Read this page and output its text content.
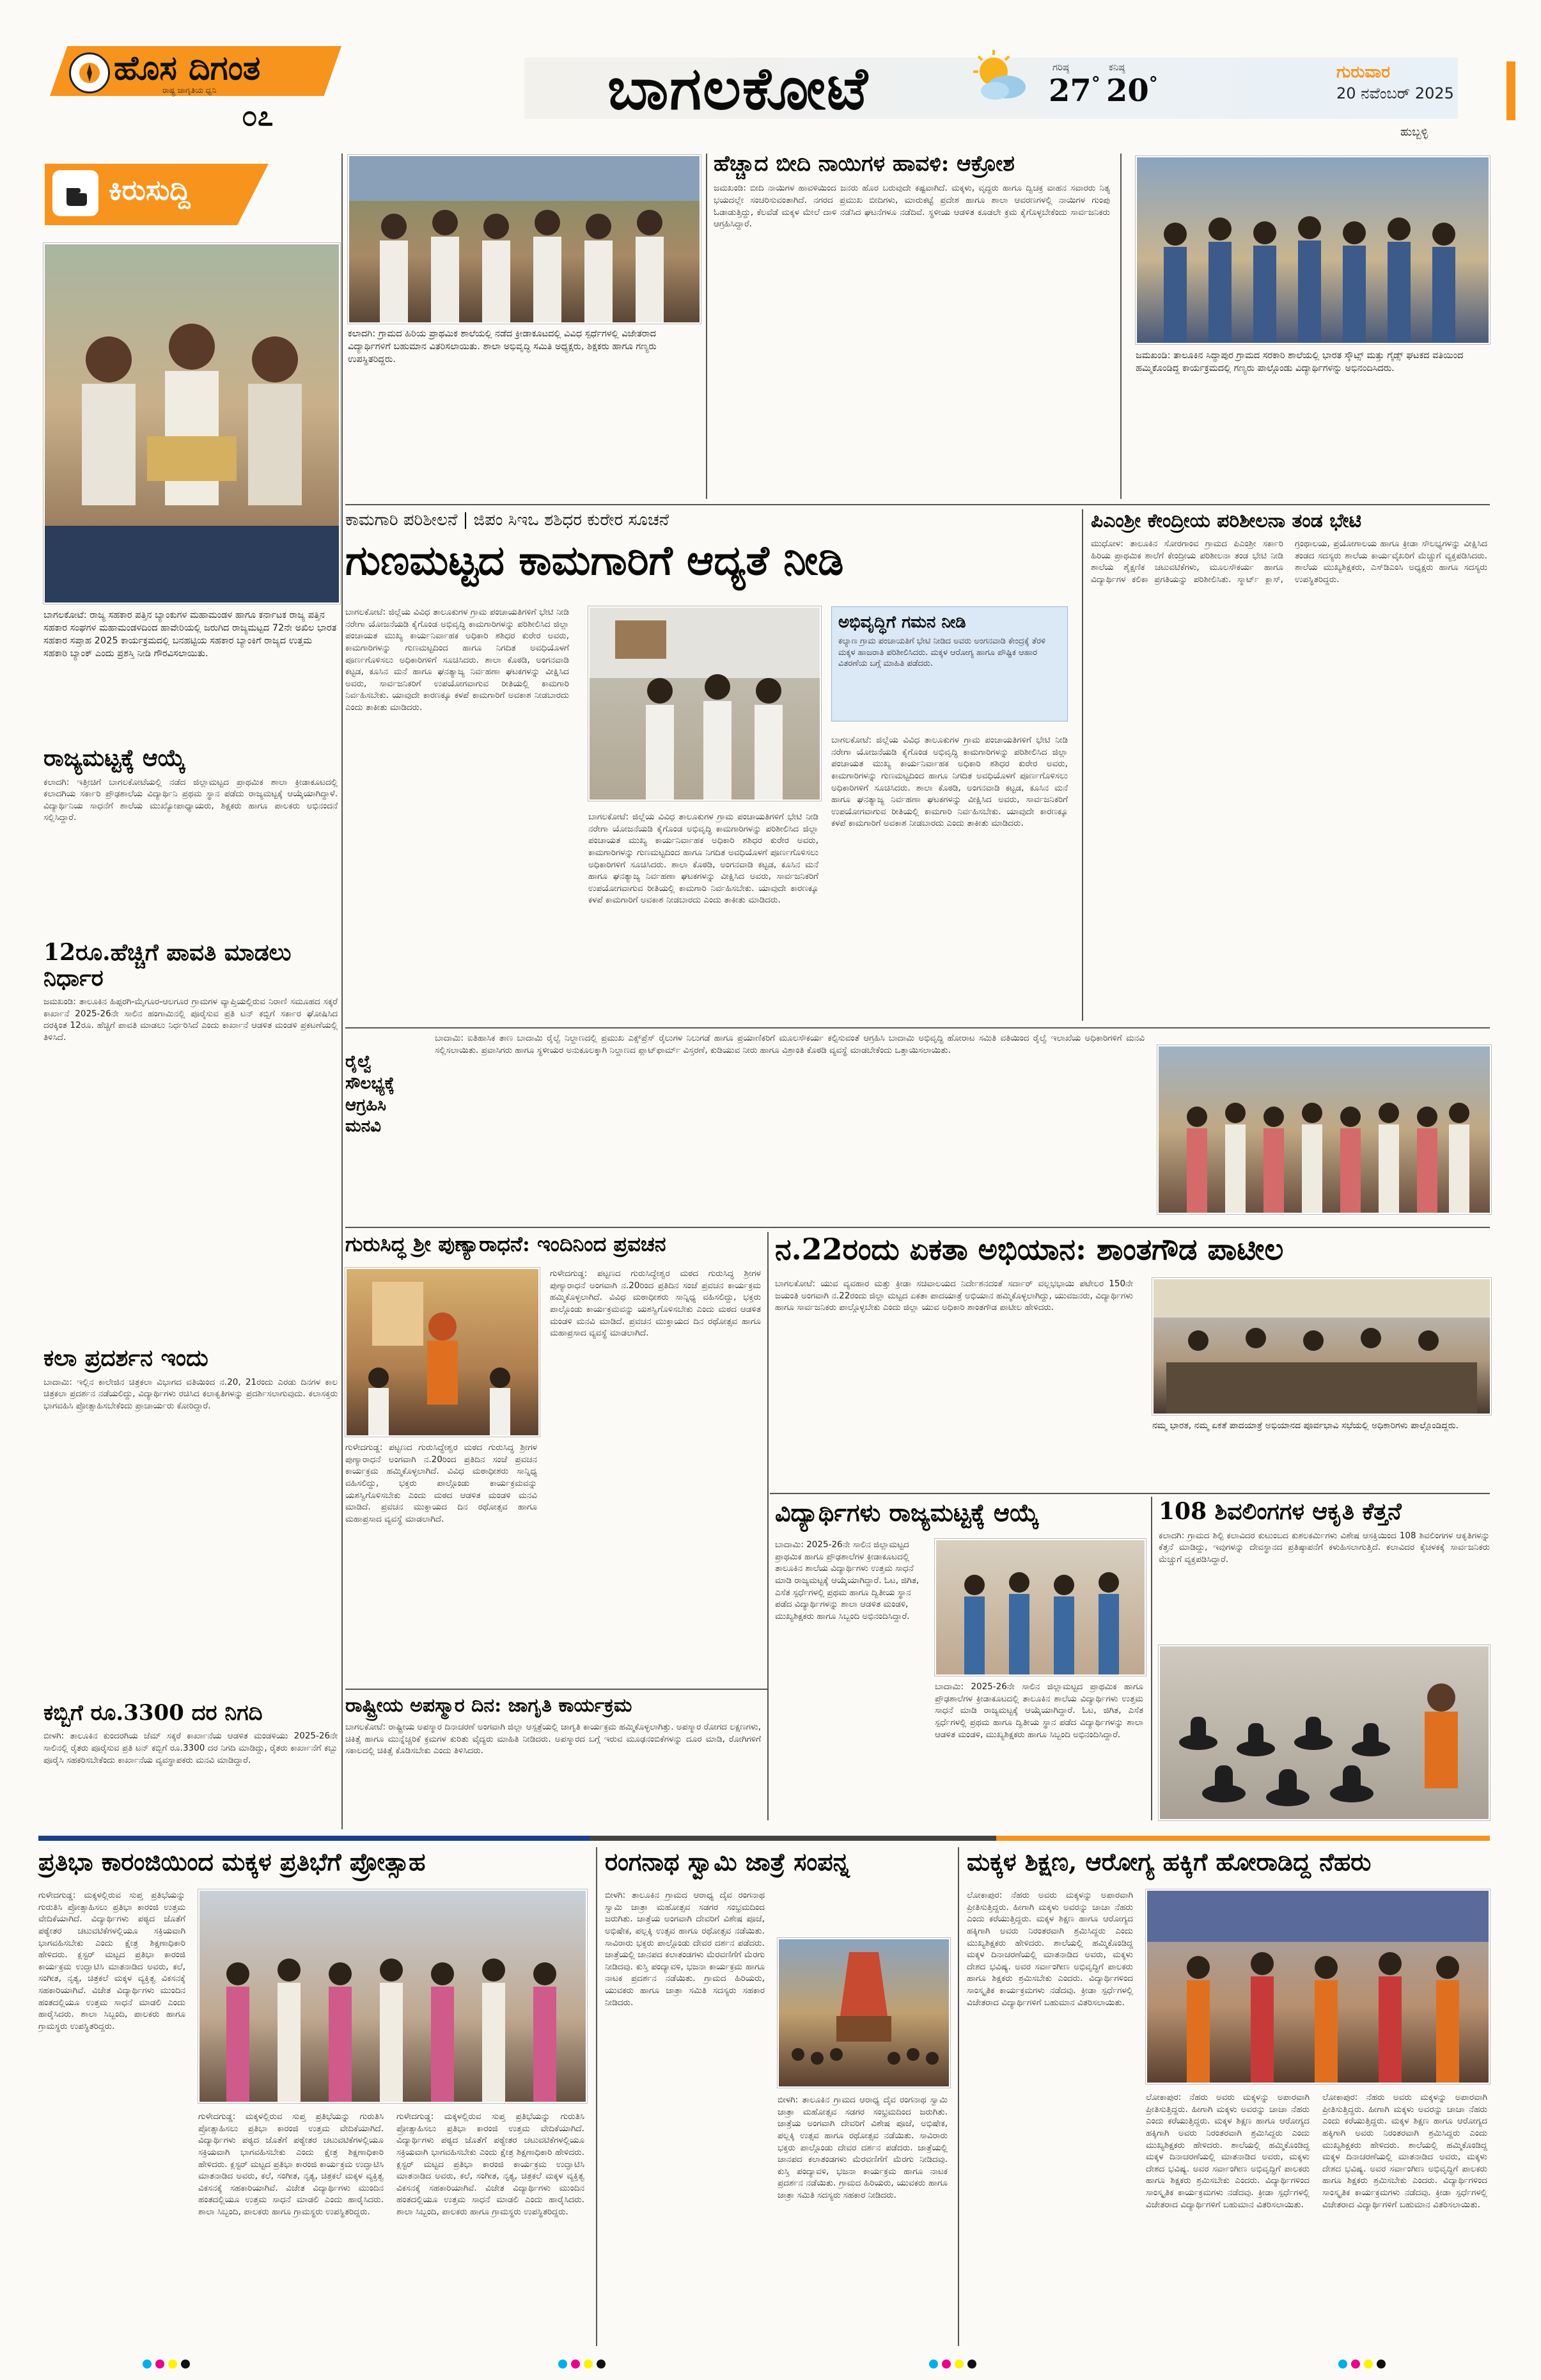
ಹೊಸ ದಿಗಂತ
ರಾಷ್ಟ್ರ ಜಾಗೃತಿಯ ಧ್ವನಿ
೦೭	ಬಾಗಲಕೋಟೆ	ಗರಿಷ್ಠ
27°
ಕನಿಷ್ಠ
20°
ಗುರುವಾರ
20 ನವೆಂಬರ್ 2025
ಹುಬ್ಬಳ್ಳಿ
ಕಿರುಸುದ್ದಿ
ಬಾಗಲಕೋಟೆ: ರಾಜ್ಯ ಸಹಕಾರ ಪತ್ತಿನ ಬ್ಯಾಂಕುಗಳ ಮಹಾಮಂಡಳ ಹಾಗೂ ಕರ್ನಾಟಕ ರಾಜ್ಯ ಪತ್ತಿನ ಸಹಕಾರ ಸಂಘಗಳ ಮಹಾಮಂಡಳದಿಂದ ಹಾವೇರಿಯಲ್ಲಿ ಜರುಗಿದ ರಾಜ್ಯಮಟ್ಟದ 72ನೇ ಅಖಿಲ ಭಾರತ ಸಹಕಾರ ಸಪ್ತಾಹ 2025 ಕಾರ್ಯಕ್ರಮದಲ್ಲಿ ಬನಹಟ್ಟಿಯ ಸಹಕಾರ ಬ್ಯಾಂಕಿಗೆ ರಾಜ್ಯದ ಉತ್ತಮ ಸಹಕಾರಿ ಬ್ಯಾಂಕ್ ಎಂದು ಪ್ರಶಸ್ತಿ ನೀಡಿ ಗೌರವಿಸಲಾಯಿತು.
ರಾಜ್ಯಮಟ್ಟಕ್ಕೆ ಆಯ್ಕೆ
ಕಲಾದಗಿ: ಇತ್ತೀಚಿಗೆ ಬಾಗಲಕೋಟೆಯಲ್ಲಿ ನಡೆದ ಜಿಲ್ಲಾಮಟ್ಟದ ಪ್ರಾಥಮಿಕ ಶಾಲಾ ಕ್ರೀಡಾಕೂಟದಲ್ಲಿ ಕಲಾದಗಿಯ ಸರ್ಕಾರಿ ಪ್ರೌಢಶಾಲೆಯ ವಿದ್ಯಾರ್ಥಿನಿ ಪ್ರಥಮ ಸ್ಥಾನ ಪಡೆದು ರಾಜ್ಯಮಟ್ಟಕ್ಕೆ ಆಯ್ಕೆಯಾಗಿದ್ದಾಳೆ. ವಿದ್ಯಾರ್ಥಿನಿಯ ಸಾಧನೆಗೆ ಶಾಲೆಯ ಮುಖ್ಯೋಪಾಧ್ಯಾಯರು, ಶಿಕ್ಷಕರು ಹಾಗೂ ಪಾಲಕರು ಅಭಿನಂದನೆ ಸಲ್ಲಿಸಿದ್ದಾರೆ.
12ರೂ.ಹೆಚ್ಚಿಗೆ ಪಾವತಿ ಮಾಡಲು ನಿರ್ಧಾರ
ಜಮಖಂಡಿ: ತಾಲೂಕಿನ ಹಿಪ್ಪರಗಿ-ಮೈಗೂರ-ಆಲಗೂರ ಗ್ರಾಮಗಳ ವ್ಯಾಪ್ತಿಯಲ್ಲಿರುವ ನಿರಾಣಿ ಸಮೂಹದ ಸಕ್ಕರೆ ಕಾರ್ಖಾನೆ 2025-26ನೇ ಸಾಲಿನ ಹಂಗಾಮಿನಲ್ಲಿ ಪೂರೈಸುವ ಪ್ರತಿ ಟನ್ ಕಬ್ಬಿಗೆ ಸರ್ಕಾರ ಘೋಷಿಸಿದ ದರಕ್ಕಿಂತ 12ರೂ. ಹೆಚ್ಚಿಗೆ ಪಾವತಿ ಮಾಡಲು ನಿರ್ಧರಿಸಿದೆ ಎಂದು ಕಾರ್ಖಾನೆ ಆಡಳಿತ ಮಂಡಳಿ ಪ್ರಕಟಣೆಯಲ್ಲಿ ತಿಳಿಸಿದೆ.
ಕಲಾ ಪ್ರದರ್ಶನ ಇಂದು
ಬಾದಾಮಿ: ಇಲ್ಲಿನ ಕಾಲೇಜಿನ ಚಿತ್ರಕಲಾ ವಿಭಾಗದ ವತಿಯಿಂದ ನ.20, 21ರಂದು ಎರಡು ದಿನಗಳ ಕಾಲ ಚಿತ್ರಕಲಾ ಪ್ರದರ್ಶನ ನಡೆಯಲಿದ್ದು, ವಿದ್ಯಾರ್ಥಿಗಳು ರಚಿಸಿದ ಕಲಾಕೃತಿಗಳನ್ನು ಪ್ರದರ್ಶಿಸಲಾಗುವುದು. ಕಲಾಸಕ್ತರು ಭಾಗವಹಿಸಿ ಪ್ರೋತ್ಸಾಹಿಸಬೇಕೆಂದು ಪ್ರಾಚಾರ್ಯರು ಕೋರಿದ್ದಾರೆ.
ಕಬ್ಬಿಗೆ ರೂ.3300 ದರ ನಿಗದಿ
ಬೀಳಗಿ: ತಾಲೂಕಿನ ಕುಂದರಗಿಯ ಜೆಮ್ ಸಕ್ಕರೆ ಕಾರ್ಖಾನೆಯ ಆಡಳಿತ ಮಂಡಳಿಯು 2025-26ನೇ ಸಾಲಿನಲ್ಲಿ ರೈತರು ಪೂರೈಸುವ ಪ್ರತಿ ಟನ್ ಕಬ್ಬಿಗೆ ರೂ.3300 ದರ ನಿಗದಿ ಮಾಡಿದ್ದು, ರೈತರು ಕಾರ್ಖಾನೆಗೆ ಕಬ್ಬು ಪೂರೈಸಿ ಸಹಕರಿಸಬೇಕೆಂದು ಕಾರ್ಖಾನೆಯ ವ್ಯವಸ್ಥಾಪಕರು ಮನವಿ ಮಾಡಿದ್ದಾರೆ.
ಕಲಾದಗಿ: ಗ್ರಾಮದ ಹಿರಿಯ ಪ್ರಾಥಮಿಕ ಶಾಲೆಯಲ್ಲಿ ನಡೆದ ಕ್ರೀಡಾಕೂಟದಲ್ಲಿ ವಿವಿಧ ಸ್ಪರ್ಧೆಗಳಲ್ಲಿ ವಿಜೇತರಾದ ವಿದ್ಯಾರ್ಥಿಗಳಿಗೆ ಬಹುಮಾನ ವಿತರಿಸಲಾಯಿತು. ಶಾಲಾ ಅಭಿವೃದ್ಧಿ ಸಮಿತಿ ಅಧ್ಯಕ್ಷರು, ಶಿಕ್ಷಕರು ಹಾಗೂ ಗಣ್ಯರು ಉಪಸ್ಥಿತರಿದ್ದರು.
ಹೆಚ್ಚಾದ ಬೀದಿ ನಾಯಿಗಳ ಹಾವಳಿ: ಆಕ್ರೋಶ
ಜಮಖಂಡಿ: ಬೀದಿ ನಾಯಿಗಳ ಹಾವಳಿಯಿಂದ ಜನರು ಹೊರ ಬರುವುದೇ ಕಷ್ಟವಾಗಿದೆ. ಮಕ್ಕಳು, ವೃದ್ಧರು ಹಾಗೂ ದ್ವಿಚಕ್ರ ವಾಹನ ಸವಾರರು ನಿತ್ಯ ಭಯದಲ್ಲೇ ಸಂಚರಿಸುವಂತಾಗಿದೆ. ನಗರದ ಪ್ರಮುಖ ಬೀದಿಗಳು, ಮಾರುಕಟ್ಟೆ ಪ್ರದೇಶ ಹಾಗೂ ಶಾಲಾ ಆವರಣಗಳಲ್ಲಿ ನಾಯಿಗಳ ಗುಂಪು ಓಡಾಡುತ್ತಿದ್ದು, ಕೆಲವೆಡೆ ಮಕ್ಕಳ ಮೇಲೆ ದಾಳಿ ನಡೆಸಿದ ಘಟನೆಗಳೂ ನಡೆದಿವೆ. ಸ್ಥಳೀಯ ಆಡಳಿತ ಕೂಡಲೇ ಕ್ರಮ ಕೈಗೊಳ್ಳಬೇಕೆಂದು ಸಾರ್ವಜನಿಕರು ಆಗ್ರಹಿಸಿದ್ದಾರೆ.
ಜಮಖಂಡಿ: ತಾಲೂಕಿನ ಸಿದ್ಧಾಪುರ ಗ್ರಾಮದ ಸರಕಾರಿ ಶಾಲೆಯಲ್ಲಿ ಭಾರತ ಸ್ಕೌಟ್ಸ್ ಮತ್ತು ಗೈಡ್ಸ್ ಘಟಕದ ವತಿಯಿಂದ ಹಮ್ಮಿಕೊಂಡಿದ್ದ ಕಾರ್ಯಕ್ರಮದಲ್ಲಿ ಗಣ್ಯರು ಪಾಲ್ಗೊಂಡು ವಿದ್ಯಾರ್ಥಿಗಳನ್ನು ಅಭಿನಂದಿಸಿದರು.
ಕಾಮಗಾರಿ ಪರಿಶೀಲನೆ | ಜಿಪಂ ಸಿಇಒ ಶಶಿಧರ ಕುರೇರ ಸೂಚನೆ
ಗುಣಮಟ್ಟದ ಕಾಮಗಾರಿಗೆ ಆದ್ಯತೆ ನೀಡಿ
ಬಾಗಲಕೋಟೆ: ಜಿಲ್ಲೆಯ ವಿವಿಧ ತಾಲೂಕುಗಳ ಗ್ರಾಮ ಪಂಚಾಯತಿಗಳಿಗೆ ಭೇಟಿ ನೀಡಿ ನರೇಗಾ ಯೋಜನೆಯಡಿ ಕೈಗೊಂಡ ಅಭಿವೃದ್ಧಿ ಕಾಮಗಾರಿಗಳನ್ನು ಪರಿಶೀಲಿಸಿದ ಜಿಲ್ಲಾ ಪಂಚಾಯತ ಮುಖ್ಯ ಕಾರ್ಯನಿರ್ವಾಹಕ ಅಧಿಕಾರಿ ಶಶಿಧರ ಕುರೇರ ಅವರು, ಕಾಮಗಾರಿಗಳನ್ನು ಗುಣಮಟ್ಟದಿಂದ ಹಾಗೂ ನಿಗದಿತ ಅವಧಿಯೊಳಗೆ ಪೂರ್ಣಗೊಳಿಸಲು ಅಧಿಕಾರಿಗಳಿಗೆ ಸೂಚಿಸಿದರು. ಶಾಲಾ ಕೊಠಡಿ, ಅಂಗನವಾಡಿ ಕಟ್ಟಡ, ಕೂಸಿನ ಮನೆ ಹಾಗೂ ಘನತ್ಯಾಜ್ಯ ನಿರ್ವಹಣಾ ಘಟಕಗಳನ್ನು ವೀಕ್ಷಿಸಿದ ಅವರು, ಸಾರ್ವಜನಿಕರಿಗೆ ಉಪಯೋಗವಾಗುವ ರೀತಿಯಲ್ಲಿ ಕಾಮಗಾರಿ ನಿರ್ವಹಿಸಬೇಕು. ಯಾವುದೇ ಕಾರಣಕ್ಕೂ ಕಳಪೆ ಕಾಮಗಾರಿಗೆ ಅವಕಾಶ ನೀಡಬಾರದು ಎಂದು ತಾಕೀತು ಮಾಡಿದರು.
ಅಭಿವೃದ್ಧಿಗೆ ಗಮನ ನೀಡಿ
ಕಲ್ಯಾಣ ಗ್ರಾಮ ಪಂಚಾಯತಿಗೆ ಭೇಟಿ ನೀಡಿದ ಅವರು ಅಂಗನವಾಡಿ ಕೇಂದ್ರಕ್ಕೆ ತೆರಳಿ ಮಕ್ಕಳ ಹಾಜರಾತಿ ಪರಿಶೀಲಿಸಿದರು. ಮಕ್ಕಳ ಆರೋಗ್ಯ ಹಾಗೂ ಪೌಷ್ಟಿಕ ಆಹಾರ ವಿತರಣೆಯ ಬಗ್ಗೆ ಮಾಹಿತಿ ಪಡೆದರು.
ಬಾಗಲಕೋಟೆ: ಜಿಲ್ಲೆಯ ವಿವಿಧ ತಾಲೂಕುಗಳ ಗ್ರಾಮ ಪಂಚಾಯತಿಗಳಿಗೆ ಭೇಟಿ ನೀಡಿ ನರೇಗಾ ಯೋಜನೆಯಡಿ ಕೈಗೊಂಡ ಅಭಿವೃದ್ಧಿ ಕಾಮಗಾರಿಗಳನ್ನು ಪರಿಶೀಲಿಸಿದ ಜಿಲ್ಲಾ ಪಂಚಾಯತ ಮುಖ್ಯ ಕಾರ್ಯನಿರ್ವಾಹಕ ಅಧಿಕಾರಿ ಶಶಿಧರ ಕುರೇರ ಅವರು, ಕಾಮಗಾರಿಗಳನ್ನು ಗುಣಮಟ್ಟದಿಂದ ಹಾಗೂ ನಿಗದಿತ ಅವಧಿಯೊಳಗೆ ಪೂರ್ಣಗೊಳಿಸಲು ಅಧಿಕಾರಿಗಳಿಗೆ ಸೂಚಿಸಿದರು. ಶಾಲಾ ಕೊಠಡಿ, ಅಂಗನವಾಡಿ ಕಟ್ಟಡ, ಕೂಸಿನ ಮನೆ ಹಾಗೂ ಘನತ್ಯಾಜ್ಯ ನಿರ್ವಹಣಾ ಘಟಕಗಳನ್ನು ವೀಕ್ಷಿಸಿದ ಅವರು, ಸಾರ್ವಜನಿಕರಿಗೆ ಉಪಯೋಗವಾಗುವ ರೀತಿಯಲ್ಲಿ ಕಾಮಗಾರಿ ನಿರ್ವಹಿಸಬೇಕು. ಯಾವುದೇ ಕಾರಣಕ್ಕೂ ಕಳಪೆ ಕಾಮಗಾರಿಗೆ ಅವಕಾಶ ನೀಡಬಾರದು ಎಂದು ತಾಕೀತು ಮಾಡಿದರು.
ಬಾಗಲಕೋಟೆ: ಜಿಲ್ಲೆಯ ವಿವಿಧ ತಾಲೂಕುಗಳ ಗ್ರಾಮ ಪಂಚಾಯತಿಗಳಿಗೆ ಭೇಟಿ ನೀಡಿ ನರೇಗಾ ಯೋಜನೆಯಡಿ ಕೈಗೊಂಡ ಅಭಿವೃದ್ಧಿ ಕಾಮಗಾರಿಗಳನ್ನು ಪರಿಶೀಲಿಸಿದ ಜಿಲ್ಲಾ ಪಂಚಾಯತ ಮುಖ್ಯ ಕಾರ್ಯನಿರ್ವಾಹಕ ಅಧಿಕಾರಿ ಶಶಿಧರ ಕುರೇರ ಅವರು, ಕಾಮಗಾರಿಗಳನ್ನು ಗುಣಮಟ್ಟದಿಂದ ಹಾಗೂ ನಿಗದಿತ ಅವಧಿಯೊಳಗೆ ಪೂರ್ಣಗೊಳಿಸಲು ಅಧಿಕಾರಿಗಳಿಗೆ ಸೂಚಿಸಿದರು. ಶಾಲಾ ಕೊಠಡಿ, ಅಂಗನವಾಡಿ ಕಟ್ಟಡ, ಕೂಸಿನ ಮನೆ ಹಾಗೂ ಘನತ್ಯಾಜ್ಯ ನಿರ್ವಹಣಾ ಘಟಕಗಳನ್ನು ವೀಕ್ಷಿಸಿದ ಅವರು, ಸಾರ್ವಜನಿಕರಿಗೆ ಉಪಯೋಗವಾಗುವ ರೀತಿಯಲ್ಲಿ ಕಾಮಗಾರಿ ನಿರ್ವಹಿಸಬೇಕು. ಯಾವುದೇ ಕಾರಣಕ್ಕೂ ಕಳಪೆ ಕಾಮಗಾರಿಗೆ ಅವಕಾಶ ನೀಡಬಾರದು ಎಂದು ತಾಕೀತು ಮಾಡಿದರು.
ಪಿಎಂಶ್ರೀ ಕೇಂದ್ರೀಯ ಪರಿಶೀಲನಾ ತಂಡ ಭೇಟಿ
ಮುಧೋಳ: ತಾಲೂಕಿನ ಸೋರಗಾಂವ ಗ್ರಾಮದ ಪಿಎಂಶ್ರೀ ಸರ್ಕಾರಿ ಹಿರಿಯ ಪ್ರಾಥಮಿಕ ಶಾಲೆಗೆ ಕೇಂದ್ರೀಯ ಪರಿಶೀಲನಾ ತಂಡ ಭೇಟಿ ನೀಡಿ ಶಾಲೆಯ ಶೈಕ್ಷಣಿಕ ಚಟುವಟಿಕೆಗಳು, ಮೂಲಸೌಕರ್ಯ ಹಾಗೂ ವಿದ್ಯಾರ್ಥಿಗಳ ಕಲಿಕಾ ಪ್ರಗತಿಯನ್ನು ಪರಿಶೀಲಿಸಿತು. ಸ್ಮಾರ್ಟ್ ಕ್ಲಾಸ್, ಗ್ರಂಥಾಲಯ, ಪ್ರಯೋಗಾಲಯ ಹಾಗೂ ಕ್ರೀಡಾ ಸೌಲಭ್ಯಗಳನ್ನು ವೀಕ್ಷಿಸಿದ ತಂಡದ ಸದಸ್ಯರು ಶಾಲೆಯ ಕಾರ್ಯವೈಖರಿಗೆ ಮೆಚ್ಚುಗೆ ವ್ಯಕ್ತಪಡಿಸಿದರು. ಶಾಲೆಯ ಮುಖ್ಯಶಿಕ್ಷಕರು, ಎಸ್‌ಡಿಎಂಸಿ ಅಧ್ಯಕ್ಷರು ಹಾಗೂ ಸದಸ್ಯರು ಉಪಸ್ಥಿತರಿದ್ದರು.
ರೈಲ್ವೆ ಸೌಲಭ್ಯಕ್ಕೆ ಆಗ್ರಹಿಸಿ ಮನವಿ
ಬಾದಾಮಿ: ಐತಿಹಾಸಿಕ ತಾಣ ಬಾದಾಮಿ ರೈಲ್ವೆ ನಿಲ್ದಾಣದಲ್ಲಿ ಪ್ರಮುಖ ಎಕ್ಸ್‌ಪ್ರೆಸ್ ರೈಲುಗಳ ನಿಲುಗಡೆ ಹಾಗೂ ಪ್ರಯಾಣಿಕರಿಗೆ ಮೂಲಸೌಕರ್ಯ ಕಲ್ಪಿಸುವಂತೆ ಆಗ್ರಹಿಸಿ ಬಾದಾಮಿ ಅಭಿವೃದ್ಧಿ ಹೋರಾಟ ಸಮಿತಿ ವತಿಯಿಂದ ರೈಲ್ವೆ ಇಲಾಖೆಯ ಅಧಿಕಾರಿಗಳಿಗೆ ಮನವಿ ಸಲ್ಲಿಸಲಾಯಿತು. ಪ್ರವಾಸಿಗರು ಹಾಗೂ ಸ್ಥಳೀಯರ ಅನುಕೂಲಕ್ಕಾಗಿ ನಿಲ್ದಾಣದ ಪ್ಲಾಟ್‌ಫಾರ್ಮ್ ವಿಸ್ತರಣೆ, ಕುಡಿಯುವ ನೀರು ಹಾಗೂ ವಿಶ್ರಾಂತಿ ಕೊಠಡಿ ವ್ಯವಸ್ಥೆ ಮಾಡಬೇಕೆಂದು ಒತ್ತಾಯಿಸಲಾಯಿತು.
ಗುರುಸಿದ್ಧ ಶ್ರೀ ಪುಣ್ಯಾರಾಧನೆ: ಇಂದಿನಿಂದ ಪ್ರವಚನ
ಗುಳೇದಗುಡ್ಡ: ಪಟ್ಟಣದ ಗುರುಸಿದ್ಧೇಶ್ವರ ಮಠದ ಗುರುಸಿದ್ಧ ಶ್ರೀಗಳ ಪುಣ್ಯಾರಾಧನೆ ಅಂಗವಾಗಿ ನ.20ರಿಂದ ಪ್ರತಿದಿನ ಸಂಜೆ ಪ್ರವಚನ ಕಾರ್ಯಕ್ರಮ ಹಮ್ಮಿಕೊಳ್ಳಲಾಗಿದೆ. ವಿವಿಧ ಮಠಾಧೀಶರು ಸಾನ್ನಿಧ್ಯ ವಹಿಸಲಿದ್ದು, ಭಕ್ತರು ಪಾಲ್ಗೊಂಡು ಕಾರ್ಯಕ್ರಮವನ್ನು ಯಶಸ್ವಿಗೊಳಿಸಬೇಕು ಎಂದು ಮಠದ ಆಡಳಿತ ಮಂಡಳಿ ಮನವಿ ಮಾಡಿದೆ. ಪ್ರವಚನ ಮುಕ್ತಾಯದ ದಿನ ರಥೋತ್ಸವ ಹಾಗೂ ಮಹಾಪ್ರಸಾದ ವ್ಯವಸ್ಥೆ ಮಾಡಲಾಗಿದೆ.
ಗುಳೇದಗುಡ್ಡ: ಪಟ್ಟಣದ ಗುರುಸಿದ್ಧೇಶ್ವರ ಮಠದ ಗುರುಸಿದ್ಧ ಶ್ರೀಗಳ ಪುಣ್ಯಾರಾಧನೆ ಅಂಗವಾಗಿ ನ.20ರಿಂದ ಪ್ರತಿದಿನ ಸಂಜೆ ಪ್ರವಚನ ಕಾರ್ಯಕ್ರಮ ಹಮ್ಮಿಕೊಳ್ಳಲಾಗಿದೆ. ವಿವಿಧ ಮಠಾಧೀಶರು ಸಾನ್ನಿಧ್ಯ ವಹಿಸಲಿದ್ದು, ಭಕ್ತರು ಪಾಲ್ಗೊಂಡು ಕಾರ್ಯಕ್ರಮವನ್ನು ಯಶಸ್ವಿಗೊಳಿಸಬೇಕು ಎಂದು ಮಠದ ಆಡಳಿತ ಮಂಡಳಿ ಮನವಿ ಮಾಡಿದೆ. ಪ್ರವಚನ ಮುಕ್ತಾಯದ ದಿನ ರಥೋತ್ಸವ ಹಾಗೂ ಮಹಾಪ್ರಸಾದ ವ್ಯವಸ್ಥೆ ಮಾಡಲಾಗಿದೆ.
ನ.22ರಂದು ಏಕತಾ ಅಭಿಯಾನ: ಶಾಂತಗೌಡ ಪಾಟೀಲ
ಬಾಗಲಕೋಟೆ: ಯುವ ವ್ಯವಹಾರ ಮತ್ತು ಕ್ರೀಡಾ ಸಚಿವಾಲಯದ ನಿರ್ದೇಶನದಂತೆ ಸರ್ದಾರ್ ವಲ್ಲಭಭಾಯಿ ಪಟೇಲರ 150ನೇ ಜಯಂತಿ ಅಂಗವಾಗಿ ನ.22ರಂದು ಜಿಲ್ಲಾ ಮಟ್ಟದ ಏಕತಾ ಪಾದಯಾತ್ರೆ ಅಭಿಯಾನ ಹಮ್ಮಿಕೊಳ್ಳಲಾಗಿದ್ದು, ಯುವಜನರು, ವಿದ್ಯಾರ್ಥಿಗಳು ಹಾಗೂ ಸಾರ್ವಜನಿಕರು ಪಾಲ್ಗೊಳ್ಳಬೇಕು ಎಂದು ಜಿಲ್ಲಾ ಯುವ ಅಧಿಕಾರಿ ಶಾಂತಗೌಡ ಪಾಟೀಲ ಹೇಳಿದರು.
ನಮ್ಮ ಭಾರತ, ನಮ್ಮ ಏಕತೆ ಪಾದಯಾತ್ರೆ ಅಭಿಯಾನದ ಪೂರ್ವಭಾವಿ ಸಭೆಯಲ್ಲಿ ಅಧಿಕಾರಿಗಳು ಪಾಲ್ಗೊಂಡಿದ್ದರು.
ವಿದ್ಯಾರ್ಥಿಗಳು ರಾಜ್ಯಮಟ್ಟಕ್ಕೆ ಆಯ್ಕೆ
ಬಾದಾಮಿ: 2025-26ನೇ ಸಾಲಿನ ಜಿಲ್ಲಾಮಟ್ಟದ ಪ್ರಾಥಮಿಕ ಹಾಗೂ ಪ್ರೌಢಶಾಲೆಗಳ ಕ್ರೀಡಾಕೂಟದಲ್ಲಿ ತಾಲೂಕಿನ ಶಾಲೆಯ ವಿದ್ಯಾರ್ಥಿಗಳು ಉತ್ತಮ ಸಾಧನೆ ಮಾಡಿ ರಾಜ್ಯಮಟ್ಟಕ್ಕೆ ಆಯ್ಕೆಯಾಗಿದ್ದಾರೆ. ಓಟ, ಜಿಗಿತ, ಎಸೆತ ಸ್ಪರ್ಧೆಗಳಲ್ಲಿ ಪ್ರಥಮ ಹಾಗೂ ದ್ವಿತೀಯ ಸ್ಥಾನ ಪಡೆದ ವಿದ್ಯಾರ್ಥಿಗಳನ್ನು ಶಾಲಾ ಆಡಳಿತ ಮಂಡಳಿ, ಮುಖ್ಯಶಿಕ್ಷಕರು ಹಾಗೂ ಸಿಬ್ಬಂದಿ ಅಭಿನಂದಿಸಿದ್ದಾರೆ.
ಬಾದಾಮಿ: 2025-26ನೇ ಸಾಲಿನ ಜಿಲ್ಲಾಮಟ್ಟದ ಪ್ರಾಥಮಿಕ ಹಾಗೂ ಪ್ರೌಢಶಾಲೆಗಳ ಕ್ರೀಡಾಕೂಟದಲ್ಲಿ ತಾಲೂಕಿನ ಶಾಲೆಯ ವಿದ್ಯಾರ್ಥಿಗಳು ಉತ್ತಮ ಸಾಧನೆ ಮಾಡಿ ರಾಜ್ಯಮಟ್ಟಕ್ಕೆ ಆಯ್ಕೆಯಾಗಿದ್ದಾರೆ. ಓಟ, ಜಿಗಿತ, ಎಸೆತ ಸ್ಪರ್ಧೆಗಳಲ್ಲಿ ಪ್ರಥಮ ಹಾಗೂ ದ್ವಿತೀಯ ಸ್ಥಾನ ಪಡೆದ ವಿದ್ಯಾರ್ಥಿಗಳನ್ನು ಶಾಲಾ ಆಡಳಿತ ಮಂಡಳಿ, ಮುಖ್ಯಶಿಕ್ಷಕರು ಹಾಗೂ ಸಿಬ್ಬಂದಿ ಅಭಿನಂದಿಸಿದ್ದಾರೆ.
108 ಶಿವಲಿಂಗಗಳ ಆಕೃತಿ ಕೆತ್ತನೆ
ಕಲಾದಗಿ: ಗ್ರಾಮದ ಶಿಲ್ಪಿ ಕಲಾವಿದರ ಕುಟುಂಬದ ಕುಶಲಕರ್ಮಿಗಳು ವಿಶೇಷ ಆಸಕ್ತಿಯಿಂದ 108 ಶಿವಲಿಂಗಗಳ ಆಕೃತಿಗಳನ್ನು ಕೆತ್ತನೆ ಮಾಡಿದ್ದು, ಇವುಗಳನ್ನು ದೇವಸ್ಥಾನದ ಪ್ರತಿಷ್ಠಾಪನೆಗೆ ಕಳುಹಿಸಲಾಗುತ್ತಿದೆ. ಕಲಾವಿದರ ಕೈಚಳಕಕ್ಕೆ ಸಾರ್ವಜನಿಕರು ಮೆಚ್ಚುಗೆ ವ್ಯಕ್ತಪಡಿಸಿದ್ದಾರೆ.
ರಾಷ್ಟ್ರೀಯ ಅಪಸ್ಮಾರ ದಿನ: ಜಾಗೃತಿ ಕಾರ್ಯಕ್ರಮ
ಬಾಗಲಕೋಟೆ: ರಾಷ್ಟ್ರೀಯ ಅಪಸ್ಮಾರ ದಿನಾಚರಣೆ ಅಂಗವಾಗಿ ಜಿಲ್ಲಾ ಆಸ್ಪತ್ರೆಯಲ್ಲಿ ಜಾಗೃತಿ ಕಾರ್ಯಕ್ರಮ ಹಮ್ಮಿಕೊಳ್ಳಲಾಗಿತ್ತು. ಅಪಸ್ಮಾರ ರೋಗದ ಲಕ್ಷಣಗಳು, ಚಿಕಿತ್ಸೆ ಹಾಗೂ ಮುನ್ನೆಚ್ಚರಿಕೆ ಕ್ರಮಗಳ ಕುರಿತು ವೈದ್ಯರು ಮಾಹಿತಿ ನೀಡಿದರು. ಅಪಸ್ಮಾರದ ಬಗ್ಗೆ ಇರುವ ಮೂಢನಂಬಿಕೆಗಳನ್ನು ದೂರ ಮಾಡಿ, ರೋಗಿಗಳಿಗೆ ಸಕಾಲದಲ್ಲಿ ಚಿಕಿತ್ಸೆ ಕೊಡಿಸಬೇಕು ಎಂದು ತಿಳಿಸಿದರು.
ಪ್ರತಿಭಾ ಕಾರಂಜಿಯಿಂದ ಮಕ್ಕಳ ಪ್ರತಿಭೆಗೆ ಪ್ರೋತ್ಸಾಹ
ಗುಳೇದಗುಡ್ಡ: ಮಕ್ಕಳಲ್ಲಿರುವ ಸುಪ್ತ ಪ್ರತಿಭೆಯನ್ನು ಗುರುತಿಸಿ ಪ್ರೋತ್ಸಾಹಿಸಲು ಪ್ರತಿಭಾ ಕಾರಂಜಿ ಉತ್ತಮ ವೇದಿಕೆಯಾಗಿದೆ. ವಿದ್ಯಾರ್ಥಿಗಳು ಪಠ್ಯದ ಜೊತೆಗೆ ಪಠ್ಯೇತರ ಚಟುವಟಿಕೆಗಳಲ್ಲಿಯೂ ಸಕ್ರಿಯವಾಗಿ ಭಾಗವಹಿಸಬೇಕು ಎಂದು ಕ್ಷೇತ್ರ ಶಿಕ್ಷಣಾಧಿಕಾರಿ ಹೇಳಿದರು. ಕ್ಲಸ್ಟರ್ ಮಟ್ಟದ ಪ್ರತಿಭಾ ಕಾರಂಜಿ ಕಾರ್ಯಕ್ರಮ ಉದ್ಘಾಟಿಸಿ ಮಾತನಾಡಿದ ಅವರು, ಕಲೆ, ಸಂಗೀತ, ನೃತ್ಯ, ಚಿತ್ರಕಲೆ ಮಕ್ಕಳ ವ್ಯಕ್ತಿತ್ವ ವಿಕಸನಕ್ಕೆ ಸಹಕಾರಿಯಾಗಿವೆ. ವಿಜೇತ ವಿದ್ಯಾರ್ಥಿಗಳು ಮುಂದಿನ ಹಂತದಲ್ಲಿಯೂ ಉತ್ತಮ ಸಾಧನೆ ಮಾಡಲಿ ಎಂದು ಹಾರೈಸಿದರು. ಶಾಲಾ ಸಿಬ್ಬಂದಿ, ಪಾಲಕರು ಹಾಗೂ ಗ್ರಾಮಸ್ಥರು ಉಪಸ್ಥಿತರಿದ್ದರು.
ಗುಳೇದಗುಡ್ಡ: ಮಕ್ಕಳಲ್ಲಿರುವ ಸುಪ್ತ ಪ್ರತಿಭೆಯನ್ನು ಗುರುತಿಸಿ ಪ್ರೋತ್ಸಾಹಿಸಲು ಪ್ರತಿಭಾ ಕಾರಂಜಿ ಉತ್ತಮ ವೇದಿಕೆಯಾಗಿದೆ. ವಿದ್ಯಾರ್ಥಿಗಳು ಪಠ್ಯದ ಜೊತೆಗೆ ಪಠ್ಯೇತರ ಚಟುವಟಿಕೆಗಳಲ್ಲಿಯೂ ಸಕ್ರಿಯವಾಗಿ ಭಾಗವಹಿಸಬೇಕು ಎಂದು ಕ್ಷೇತ್ರ ಶಿಕ್ಷಣಾಧಿಕಾರಿ ಹೇಳಿದರು. ಕ್ಲಸ್ಟರ್ ಮಟ್ಟದ ಪ್ರತಿಭಾ ಕಾರಂಜಿ ಕಾರ್ಯಕ್ರಮ ಉದ್ಘಾಟಿಸಿ ಮಾತನಾಡಿದ ಅವರು, ಕಲೆ, ಸಂಗೀತ, ನೃತ್ಯ, ಚಿತ್ರಕಲೆ ಮಕ್ಕಳ ವ್ಯಕ್ತಿತ್ವ ವಿಕಸನಕ್ಕೆ ಸಹಕಾರಿಯಾಗಿವೆ. ವಿಜೇತ ವಿದ್ಯಾರ್ಥಿಗಳು ಮುಂದಿನ ಹಂತದಲ್ಲಿಯೂ ಉತ್ತಮ ಸಾಧನೆ ಮಾಡಲಿ ಎಂದು ಹಾರೈಸಿದರು. ಶಾಲಾ ಸಿಬ್ಬಂದಿ, ಪಾಲಕರು ಹಾಗೂ ಗ್ರಾಮಸ್ಥರು ಉಪಸ್ಥಿತರಿದ್ದರು.
ಗುಳೇದಗುಡ್ಡ: ಮಕ್ಕಳಲ್ಲಿರುವ ಸುಪ್ತ ಪ್ರತಿಭೆಯನ್ನು ಗುರುತಿಸಿ ಪ್ರೋತ್ಸಾಹಿಸಲು ಪ್ರತಿಭಾ ಕಾರಂಜಿ ಉತ್ತಮ ವೇದಿಕೆಯಾಗಿದೆ. ವಿದ್ಯಾರ್ಥಿಗಳು ಪಠ್ಯದ ಜೊತೆಗೆ ಪಠ್ಯೇತರ ಚಟುವಟಿಕೆಗಳಲ್ಲಿಯೂ ಸಕ್ರಿಯವಾಗಿ ಭಾಗವಹಿಸಬೇಕು ಎಂದು ಕ್ಷೇತ್ರ ಶಿಕ್ಷಣಾಧಿಕಾರಿ ಹೇಳಿದರು. ಕ್ಲಸ್ಟರ್ ಮಟ್ಟದ ಪ್ರತಿಭಾ ಕಾರಂಜಿ ಕಾರ್ಯಕ್ರಮ ಉದ್ಘಾಟಿಸಿ ಮಾತನಾಡಿದ ಅವರು, ಕಲೆ, ಸಂಗೀತ, ನೃತ್ಯ, ಚಿತ್ರಕಲೆ ಮಕ್ಕಳ ವ್ಯಕ್ತಿತ್ವ ವಿಕಸನಕ್ಕೆ ಸಹಕಾರಿಯಾಗಿವೆ. ವಿಜೇತ ವಿದ್ಯಾರ್ಥಿಗಳು ಮುಂದಿನ ಹಂತದಲ್ಲಿಯೂ ಉತ್ತಮ ಸಾಧನೆ ಮಾಡಲಿ ಎಂದು ಹಾರೈಸಿದರು. ಶಾಲಾ ಸಿಬ್ಬಂದಿ, ಪಾಲಕರು ಹಾಗೂ ಗ್ರಾಮಸ್ಥರು ಉಪಸ್ಥಿತರಿದ್ದರು.
ರಂಗನಾಥ ಸ್ವಾಮಿ ಜಾತ್ರೆ ಸಂಪನ್ನ
ಬೀಳಗಿ: ತಾಲೂಕಿನ ಗ್ರಾಮದ ಆರಾಧ್ಯ ದೈವ ರಂಗನಾಥ ಸ್ವಾಮಿ ಜಾತ್ರಾ ಮಹೋತ್ಸವ ಸಡಗರ ಸಂಭ್ರಮದಿಂದ ಜರುಗಿತು. ಜಾತ್ರೆಯ ಅಂಗವಾಗಿ ದೇವರಿಗೆ ವಿಶೇಷ ಪೂಜೆ, ಅಭಿಷೇಕ, ಪಲ್ಲಕ್ಕಿ ಉತ್ಸವ ಹಾಗೂ ರಥೋತ್ಸವ ನಡೆಯಿತು. ಸಾವಿರಾರು ಭಕ್ತರು ಪಾಲ್ಗೊಂಡು ದೇವರ ದರ್ಶನ ಪಡೆದರು. ಜಾತ್ರೆಯಲ್ಲಿ ಜಾನಪದ ಕಲಾತಂಡಗಳು ಮೆರವಣಿಗೆಗೆ ಮೆರಗು ನೀಡಿದವು. ಕುಸ್ತಿ ಪಂದ್ಯಾವಳಿ, ಭಜನಾ ಕಾರ್ಯಕ್ರಮ ಹಾಗೂ ನಾಟಕ ಪ್ರದರ್ಶನ ನಡೆಯಿತು. ಗ್ರಾಮದ ಹಿರಿಯರು, ಯುವಕರು ಹಾಗೂ ಜಾತ್ರಾ ಸಮಿತಿ ಸದಸ್ಯರು ಸಹಕಾರ ನೀಡಿದರು.
ಬೀಳಗಿ: ತಾಲೂಕಿನ ಗ್ರಾಮದ ಆರಾಧ್ಯ ದೈವ ರಂಗನಾಥ ಸ್ವಾಮಿ ಜಾತ್ರಾ ಮಹೋತ್ಸವ ಸಡಗರ ಸಂಭ್ರಮದಿಂದ ಜರುಗಿತು. ಜಾತ್ರೆಯ ಅಂಗವಾಗಿ ದೇವರಿಗೆ ವಿಶೇಷ ಪೂಜೆ, ಅಭಿಷೇಕ, ಪಲ್ಲಕ್ಕಿ ಉತ್ಸವ ಹಾಗೂ ರಥೋತ್ಸವ ನಡೆಯಿತು. ಸಾವಿರಾರು ಭಕ್ತರು ಪಾಲ್ಗೊಂಡು ದೇವರ ದರ್ಶನ ಪಡೆದರು. ಜಾತ್ರೆಯಲ್ಲಿ ಜಾನಪದ ಕಲಾತಂಡಗಳು ಮೆರವಣಿಗೆಗೆ ಮೆರಗು ನೀಡಿದವು. ಕುಸ್ತಿ ಪಂದ್ಯಾವಳಿ, ಭಜನಾ ಕಾರ್ಯಕ್ರಮ ಹಾಗೂ ನಾಟಕ ಪ್ರದರ್ಶನ ನಡೆಯಿತು. ಗ್ರಾಮದ ಹಿರಿಯರು, ಯುವಕರು ಹಾಗೂ ಜಾತ್ರಾ ಸಮಿತಿ ಸದಸ್ಯರು ಸಹಕಾರ ನೀಡಿದರು.
ಮಕ್ಕಳ ಶಿಕ್ಷಣ, ಆರೋಗ್ಯ ಹಕ್ಕಿಗೆ ಹೋರಾಡಿದ್ದ ನೆಹರು
ಲೋಕಾಪುರ: ನೆಹರು ಅವರು ಮಕ್ಕಳನ್ನು ಅಪಾರವಾಗಿ ಪ್ರೀತಿಸುತ್ತಿದ್ದರು. ಹೀಗಾಗಿ ಮಕ್ಕಳು ಅವರನ್ನು ಚಾಚಾ ನೆಹರು ಎಂದು ಕರೆಯುತ್ತಿದ್ದರು. ಮಕ್ಕಳ ಶಿಕ್ಷಣ ಹಾಗೂ ಆರೋಗ್ಯದ ಹಕ್ಕಿಗಾಗಿ ಅವರು ನಿರಂತರವಾಗಿ ಶ್ರಮಿಸಿದ್ದರು ಎಂದು ಮುಖ್ಯಶಿಕ್ಷಕರು ಹೇಳಿದರು. ಶಾಲೆಯಲ್ಲಿ ಹಮ್ಮಿಕೊಂಡಿದ್ದ ಮಕ್ಕಳ ದಿನಾಚರಣೆಯಲ್ಲಿ ಮಾತನಾಡಿದ ಅವರು, ಮಕ್ಕಳು ದೇಶದ ಭವಿಷ್ಯ. ಅವರ ಸರ್ವಾಂಗೀಣ ಅಭಿವೃದ್ಧಿಗೆ ಪಾಲಕರು ಹಾಗೂ ಶಿಕ್ಷಕರು ಶ್ರಮಿಸಬೇಕು ಎಂದರು. ವಿದ್ಯಾರ್ಥಿಗಳಿಂದ ಸಾಂಸ್ಕೃತಿಕ ಕಾರ್ಯಕ್ರಮಗಳು ನಡೆದವು. ಕ್ರೀಡಾ ಸ್ಪರ್ಧೆಗಳಲ್ಲಿ ವಿಜೇತರಾದ ವಿದ್ಯಾರ್ಥಿಗಳಿಗೆ ಬಹುಮಾನ ವಿತರಿಸಲಾಯಿತು.
ಲೋಕಾಪುರ: ನೆಹರು ಅವರು ಮಕ್ಕಳನ್ನು ಅಪಾರವಾಗಿ ಪ್ರೀತಿಸುತ್ತಿದ್ದರು. ಹೀಗಾಗಿ ಮಕ್ಕಳು ಅವರನ್ನು ಚಾಚಾ ನೆಹರು ಎಂದು ಕರೆಯುತ್ತಿದ್ದರು. ಮಕ್ಕಳ ಶಿಕ್ಷಣ ಹಾಗೂ ಆರೋಗ್ಯದ ಹಕ್ಕಿಗಾಗಿ ಅವರು ನಿರಂತರವಾಗಿ ಶ್ರಮಿಸಿದ್ದರು ಎಂದು ಮುಖ್ಯಶಿಕ್ಷಕರು ಹೇಳಿದರು. ಶಾಲೆಯಲ್ಲಿ ಹಮ್ಮಿಕೊಂಡಿದ್ದ ಮಕ್ಕಳ ದಿನಾಚರಣೆಯಲ್ಲಿ ಮಾತನಾಡಿದ ಅವರು, ಮಕ್ಕಳು ದೇಶದ ಭವಿಷ್ಯ. ಅವರ ಸರ್ವಾಂಗೀಣ ಅಭಿವೃದ್ಧಿಗೆ ಪಾಲಕರು ಹಾಗೂ ಶಿಕ್ಷಕರು ಶ್ರಮಿಸಬೇಕು ಎಂದರು. ವಿದ್ಯಾರ್ಥಿಗಳಿಂದ ಸಾಂಸ್ಕೃತಿಕ ಕಾರ್ಯಕ್ರಮಗಳು ನಡೆದವು. ಕ್ರೀಡಾ ಸ್ಪರ್ಧೆಗಳಲ್ಲಿ ವಿಜೇತರಾದ ವಿದ್ಯಾರ್ಥಿಗಳಿಗೆ ಬಹುಮಾನ ವಿತರಿಸಲಾಯಿತು.
ಲೋಕಾಪುರ: ನೆಹರು ಅವರು ಮಕ್ಕಳನ್ನು ಅಪಾರವಾಗಿ ಪ್ರೀತಿಸುತ್ತಿದ್ದರು. ಹೀಗಾಗಿ ಮಕ್ಕಳು ಅವರನ್ನು ಚಾಚಾ ನೆಹರು ಎಂದು ಕರೆಯುತ್ತಿದ್ದರು. ಮಕ್ಕಳ ಶಿಕ್ಷಣ ಹಾಗೂ ಆರೋಗ್ಯದ ಹಕ್ಕಿಗಾಗಿ ಅವರು ನಿರಂತರವಾಗಿ ಶ್ರಮಿಸಿದ್ದರು ಎಂದು ಮುಖ್ಯಶಿಕ್ಷಕರು ಹೇಳಿದರು. ಶಾಲೆಯಲ್ಲಿ ಹಮ್ಮಿಕೊಂಡಿದ್ದ ಮಕ್ಕಳ ದಿನಾಚರಣೆಯಲ್ಲಿ ಮಾತನಾಡಿದ ಅವರು, ಮಕ್ಕಳು ದೇಶದ ಭವಿಷ್ಯ. ಅವರ ಸರ್ವಾಂಗೀಣ ಅಭಿವೃದ್ಧಿಗೆ ಪಾಲಕರು ಹಾಗೂ ಶಿಕ್ಷಕರು ಶ್ರಮಿಸಬೇಕು ಎಂದರು. ವಿದ್ಯಾರ್ಥಿಗಳಿಂದ ಸಾಂಸ್ಕೃತಿಕ ಕಾರ್ಯಕ್ರಮಗಳು ನಡೆದವು. ಕ್ರೀಡಾ ಸ್ಪರ್ಧೆಗಳಲ್ಲಿ ವಿಜೇತರಾದ ವಿದ್ಯಾರ್ಥಿಗಳಿಗೆ ಬಹುಮಾನ ವಿತರಿಸಲಾಯಿತು.
